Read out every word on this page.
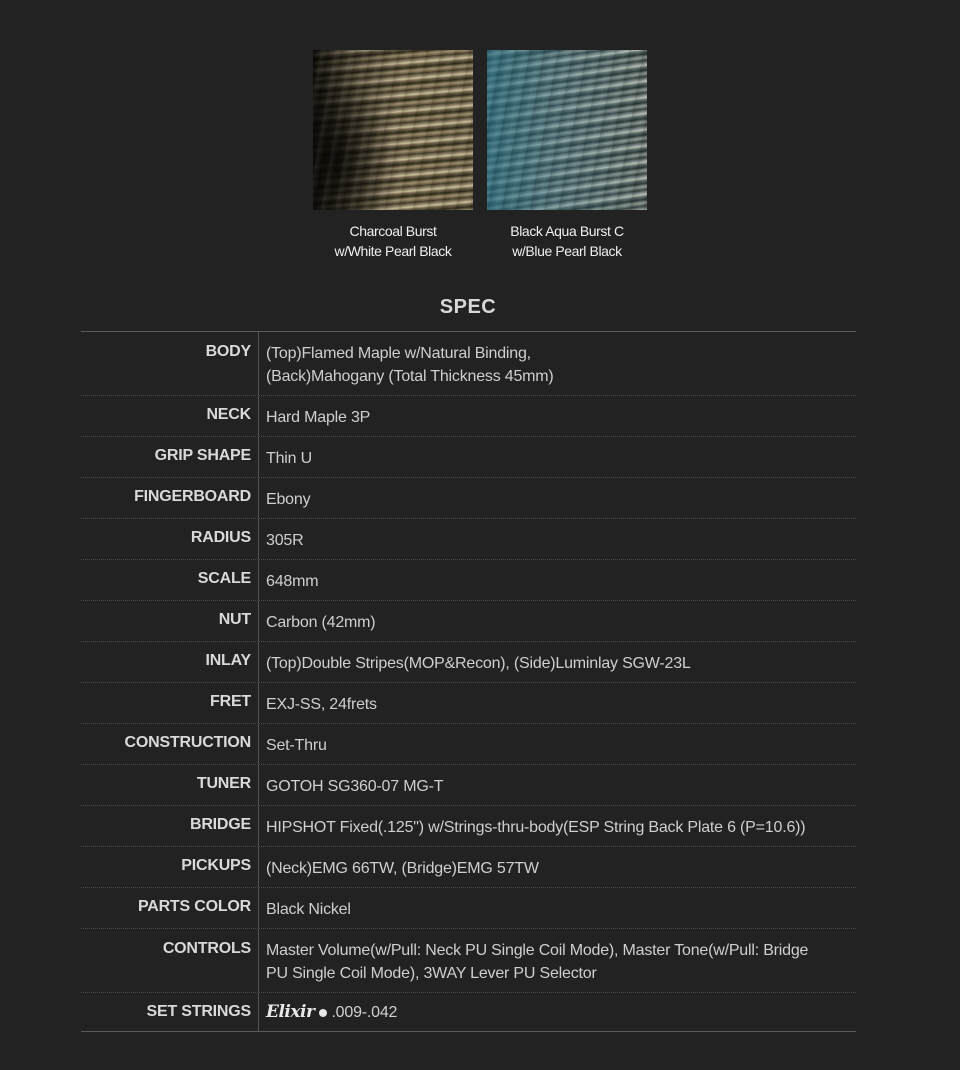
Charcoal Burst
w/White Pearl Black
Black Aqua Burst C
w/Blue Pearl Black
SPEC
BODY (Top)Flamed Maple w/Natural Binding,
(Back)Mahogany (Total Thickness 45mm)
NECK Hard Maple 3P
GRIP SHAPE Thin U
FINGERBOARD Ebony
RADIUS 305R
SCALE 648mm
NUT Carbon (42mm)
INLAY (Top)Double Stripes(MOP&Recon), (Side)Luminlay SGW-23L
FRET EXJ-SS, 24frets
CONSTRUCTION Set-Thru
TUNER GOTOH SG360-07 MG-T
BRIDGE HIPSHOT Fixed(.125") w/Strings-thru-body(ESP String Back Plate 6 (P=10.6))
PICKUPS (Neck)EMG 66TW, (Bridge)EMG 57TW
PARTS COLOR Black Nickel
CONTROLS Master Volume(w/Pull: Neck PU Single Coil Mode), Master Tone(w/Pull: Bridge
PU Single Coil Mode), 3WAY Lever PU Selector
SET STRINGS Elixir .009-.042
